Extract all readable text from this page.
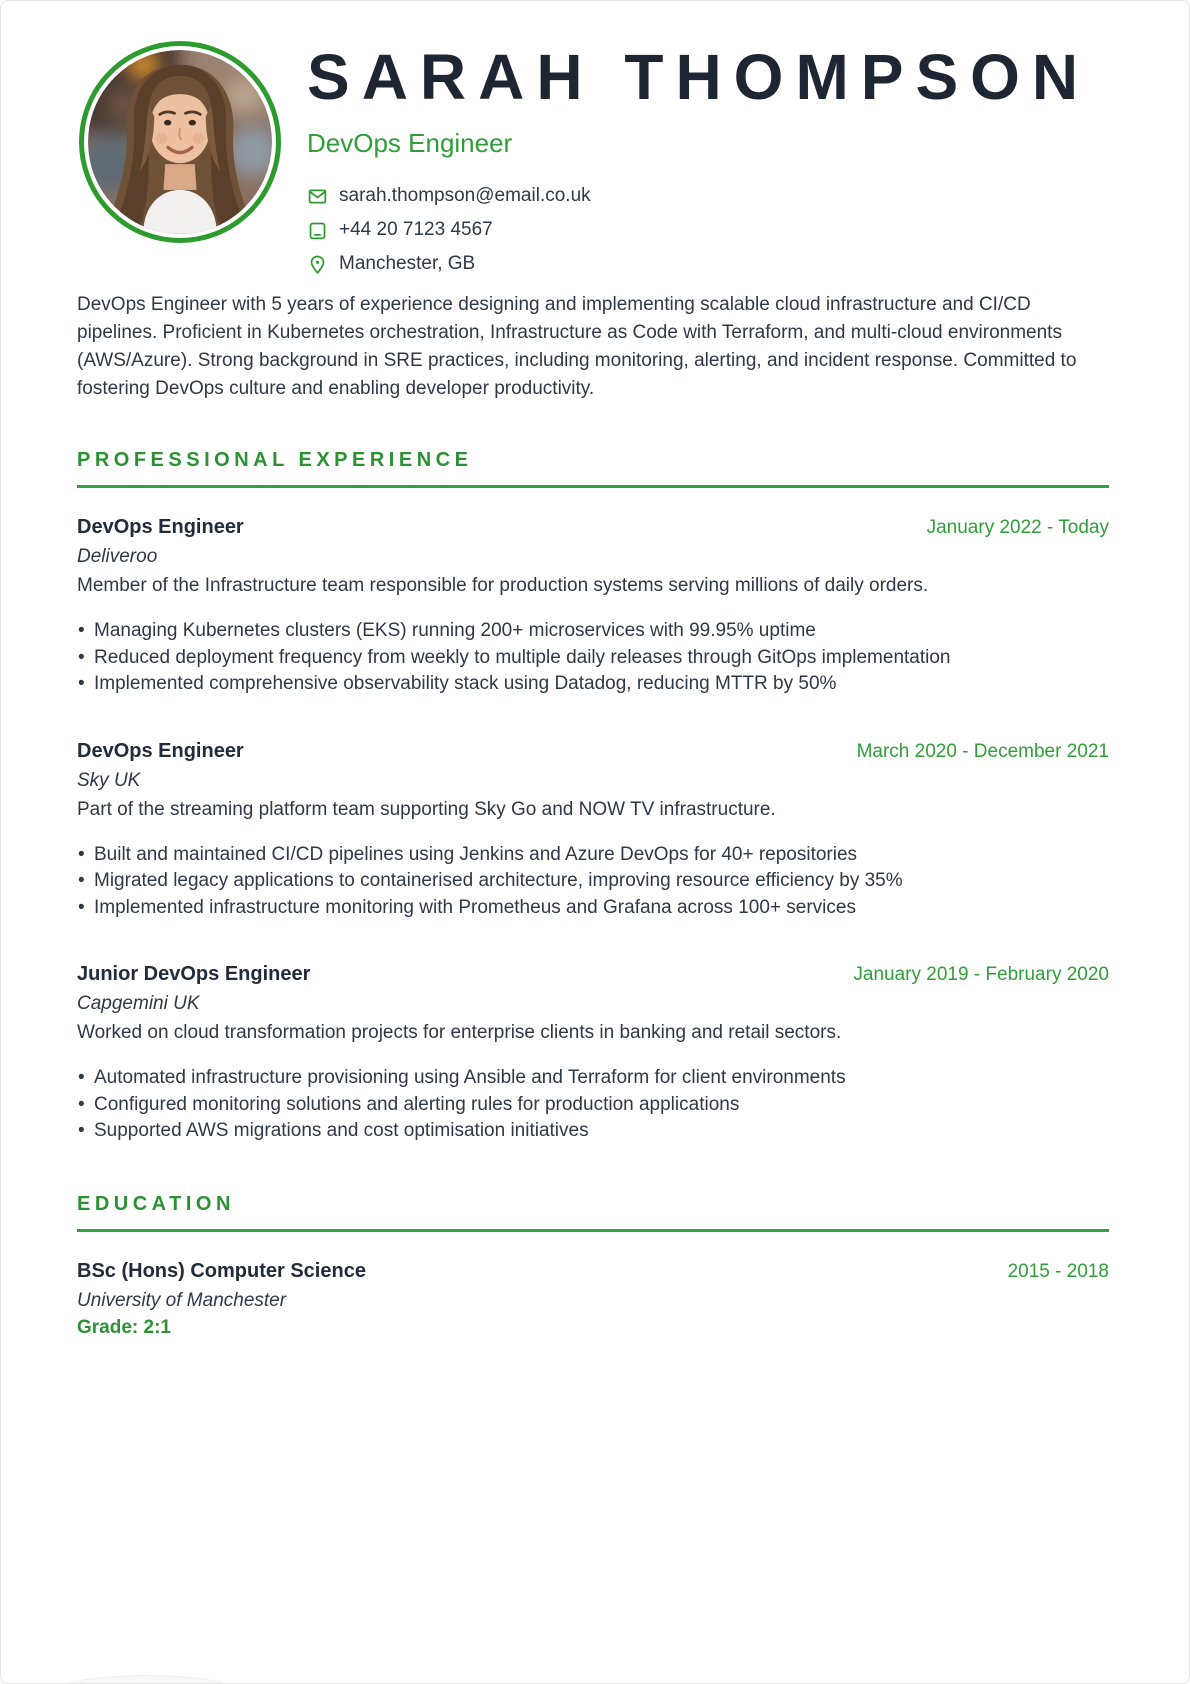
SARAH THOMPSON
DevOps Engineer
sarah.thompson@email.co.uk
+44 20 7123 4567
Manchester, GB

DevOps Engineer with 5 years of experience designing and implementing scalable cloud infrastructure and CI/CD pipelines. Proficient in Kubernetes orchestration, Infrastructure as Code with Terraform, and multi-cloud environments (AWS/Azure). Strong background in SRE practices, including monitoring, alerting, and incident response. Committed to fostering DevOps culture and enabling developer productivity.

PROFESSIONAL EXPERIENCE
DevOps Engineer	January 2022 - Today
Deliveroo
Member of the Infrastructure team responsible for production systems serving millions of daily orders.
• Managing Kubernetes clusters (EKS) running 200+ microservices with 99.95% uptime
• Reduced deployment frequency from weekly to multiple daily releases through GitOps implementation
• Implemented comprehensive observability stack using Datadog, reducing MTTR by 50%
DevOps Engineer	March 2020 - December 2021
Sky UK
Part of the streaming platform team supporting Sky Go and NOW TV infrastructure.
• Built and maintained CI/CD pipelines using Jenkins and Azure DevOps for 40+ repositories
• Migrated legacy applications to containerised architecture, improving resource efficiency by 35%
• Implemented infrastructure monitoring with Prometheus and Grafana across 100+ services
Junior DevOps Engineer	January 2019 - February 2020
Capgemini UK
Worked on cloud transformation projects for enterprise clients in banking and retail sectors.
• Automated infrastructure provisioning using Ansible and Terraform for client environments
• Configured monitoring solutions and alerting rules for production applications
• Supported AWS migrations and cost optimisation initiatives
EDUCATION
BSc (Hons) Computer Science	2015 - 2018
University of Manchester
Grade: 2:1
